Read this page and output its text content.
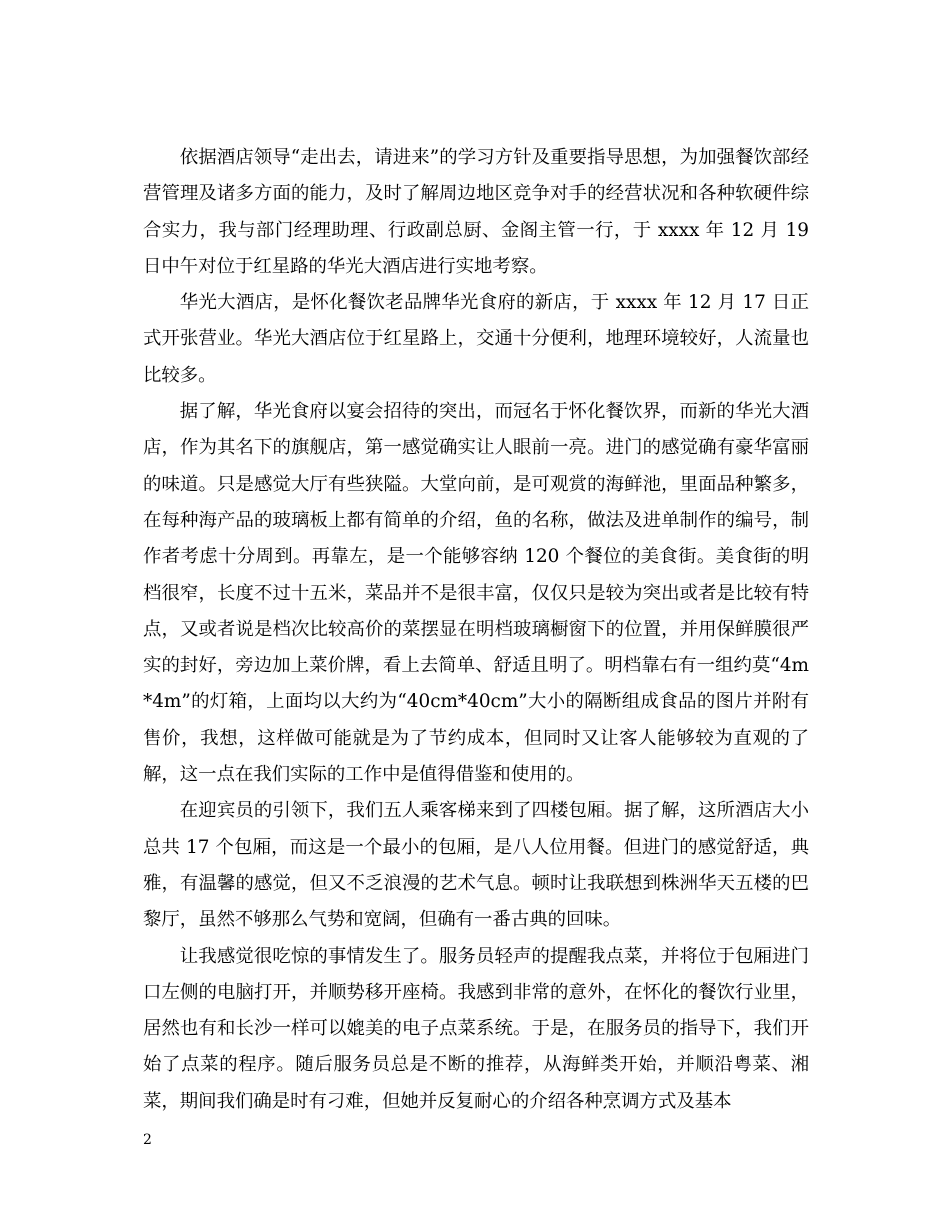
依据酒店领导“走出去，请进来”的学习方针及重要指导思想，为加强餐饮部经营管理及诸多方面的能力，及时了解周边地区竞争对手的经营状况和各种软硬件综合实力，我与部门经理助理、行政副总厨、金阁主管一行，于 xxxx 年 12 月 19 日中午对位于红星路的华光大酒店进行实地考察。

华光大酒店，是怀化餐饮老品牌华光食府的新店，于 xxxx 年 12 月 17 日正式开张营业。华光大酒店位于红星路上，交通十分便利，地理环境较好，人流量也比较多。

据了解，华光食府以宴会招待的突出，而冠名于怀化餐饮界，而新的华光大酒店，作为其名下的旗舰店，第一感觉确实让人眼前一亮。进门的感觉确有豪华富丽的味道。只是感觉大厅有些狭隘。大堂向前，是可观赏的海鲜池，里面品种繁多，在每种海产品的玻璃板上都有简单的介绍，鱼的名称，做法及进单制作的编号，制作者考虑十分周到。再靠左，是一个能够容纳 120 个餐位的美食街。美食街的明档很窄，长度不过十五米，菜品并不是很丰富，仅仅只是较为突出或者是比较有特点，又或者说是档次比较高价的菜摆显在明档玻璃橱窗下的位置，并用保鲜膜很严实的封好，旁边加上菜价牌，看上去简单、舒适且明了。明档靠右有一组约莫“4m*4m”的灯箱，上面均以大约为“40cm*40cm”大小的隔断组成食品的图片并附有售价，我想，这样做可能就是为了节约成本，但同时又让客人能够较为直观的了解，这一点在我们实际的工作中是值得借鉴和使用的。

在迎宾员的引领下，我们五人乘客梯来到了四楼包厢。据了解，这所酒店大小总共 17 个包厢，而这是一个最小的包厢，是八人位用餐。但进门的感觉舒适，典雅，有温馨的感觉，但又不乏浪漫的艺术气息。顿时让我联想到株洲华天五楼的巴黎厅，虽然不够那么气势和宽阔，但确有一番古典的回味。

让我感觉很吃惊的事情发生了。服务员轻声的提醒我点菜，并将位于包厢进门口左侧的电脑打开，并顺势移开座椅。我感到非常的意外，在怀化的餐饮行业里，居然也有和长沙一样可以媲美的电子点菜系统。于是，在服务员的指导下，我们开始了点菜的程序。随后服务员总是不断的推荐，从海鲜类开始，并顺沿粤菜、湘菜，期间我们确是时有刁难，但她并反复耐心的介绍各种烹调方式及基本

2
